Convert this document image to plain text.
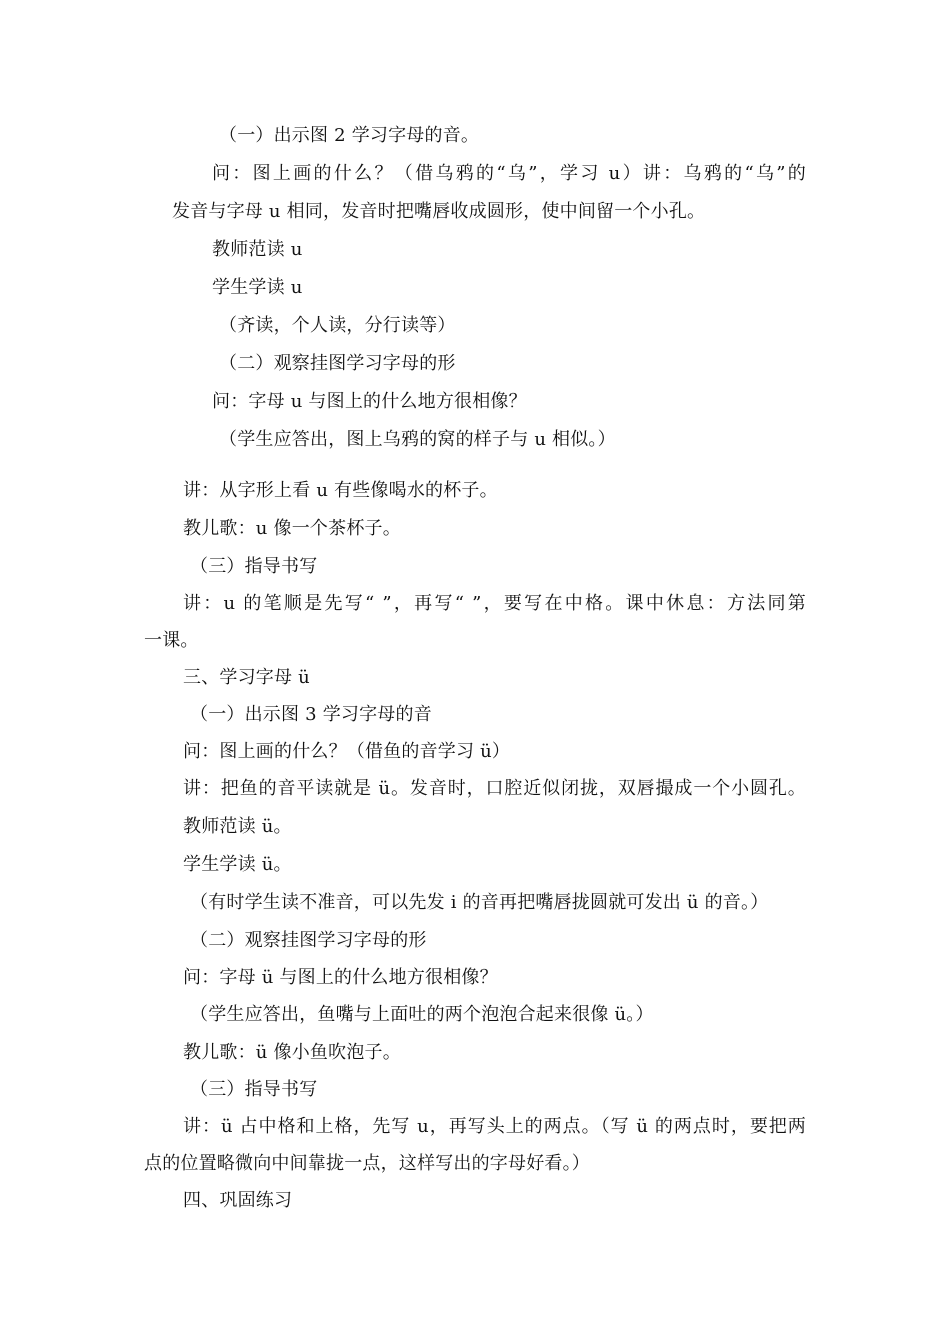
（一）出示图 2 学习字母的音。
问：图上画的什么？（借乌鸦的“乌”，学习 u）讲：乌鸦的“乌”的
发音与字母 u 相同，发音时把嘴唇收成圆形，使中间留一个小孔。
教师范读 u
学生学读 u
（齐读，个人读，分行读等）
（二）观察挂图学习字母的形
问：字母 u 与图上的什么地方很相像？
（学生应答出，图上乌鸦的窝的样子与 u 相似。）
讲：从字形上看 u 有些像喝水的杯子。
教儿歌：u 像一个茶杯子。
（三）指导书写
讲：u 的笔顺是先写“ ”，再写“ ”，要写在中格。课中休息：方法同第
一课。
三、学习字母 ü
（一）出示图 3 学习字母的音
问：图上画的什么？（借鱼的音学习 ü）
讲：把鱼的音平读就是 ü。发音时，口腔近似闭拢，双唇撮成一个小圆孔。
教师范读 ü。
学生学读 ü。
（有时学生读不准音，可以先发 i 的音再把嘴唇拢圆就可发出 ü 的音。）
（二）观察挂图学习字母的形
问：字母 ü 与图上的什么地方很相像？
（学生应答出，鱼嘴与上面吐的两个泡泡合起来很像 ü。）
教儿歌：ü 像小鱼吹泡子。
（三）指导书写
讲：ü 占中格和上格，先写 u，再写头上的两点。（写 ü 的两点时，要把两
点的位置略微向中间靠拢一点，这样写出的字母好看。）
四、巩固练习
